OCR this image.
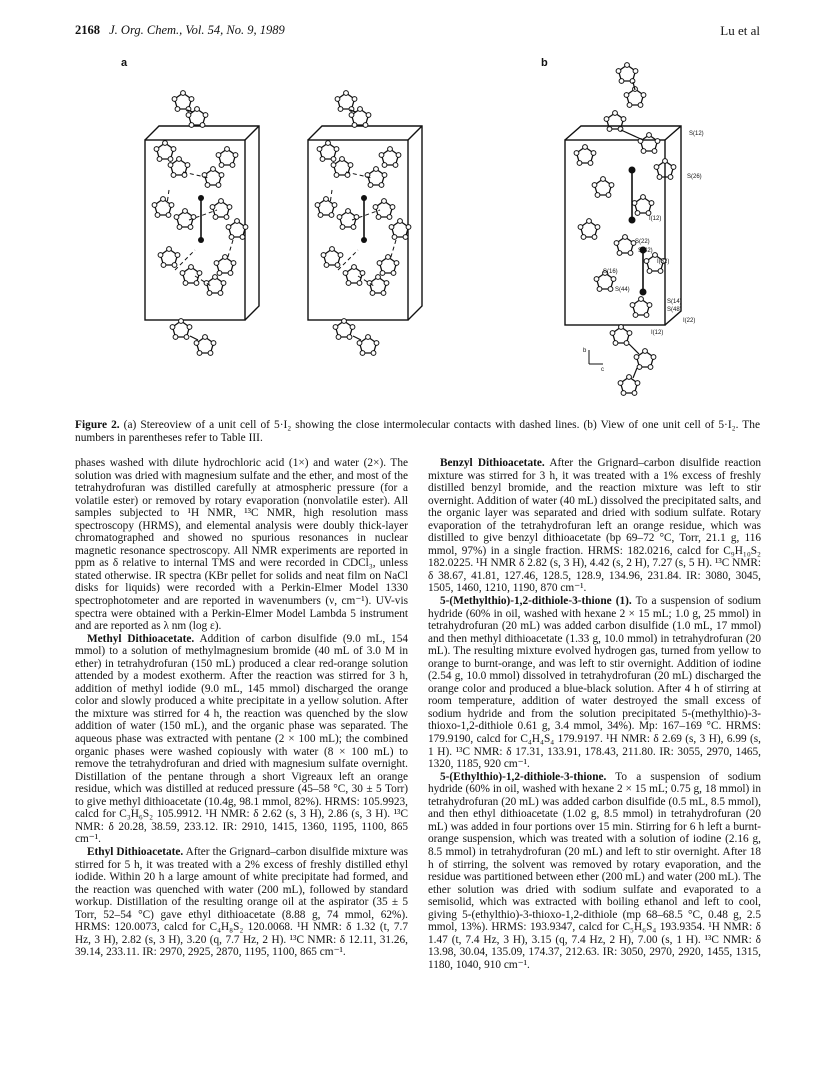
2168 J. Org. Chem., Vol. 54, No. 9, 1989	Lu et al
a	b
S(12)
S(26)
I(12)
S(22)
S(42)
I(32)
S(16)
S(44)
S(14)
S(48)
I(22)
I(12)
b
c
Figure 2. (a) Stereoview of a unit cell of 5·I₂ showing the close intermolecular contacts with dashed lines. (b) View of one unit cell of 5·I₂. The numbers in parentheses refer to Table III.

phases washed with dilute hydrochloric acid (1×) and water (2×). The solution was dried with magnesium sulfate and the ether, and most of the tetrahydrofuran was distilled carefully at atmospheric pressure (for a volatile ester) or removed by rotary evaporation (nonvolatile ester). All samples subjected to ¹H NMR, ¹³C NMR, high resolution mass spectroscopy (HRMS), and elemental analysis were doubly thick-layer chromatographed and showed no spurious resonances in nuclear magnetic resonance spectroscopy. All NMR experiments are reported in ppm as δ relative to internal TMS and were recorded in CDCl₃, unless stated otherwise. IR spectra (KBr pellet for solids and neat film on NaCl disks for liquids) were recorded with a Perkin-Elmer Model 1330 spectrophotometer and are reported in wavenumbers (ν, cm⁻¹). UV-vis spectra were obtained with a Perkin-Elmer Model Lambda 5 instrument and are reported as λ nm (log ε).

Methyl Dithioacetate. Addition of carbon disulfide (9.0 mL, 154 mmol) to a solution of methylmagnesium bromide (40 mL of 3.0 M in ether) in tetrahydrofuran (150 mL) produced a clear red-orange solution attended by a modest exotherm. After the reaction was stirred for 3 h, addition of methyl iodide (9.0 mL, 145 mmol) discharged the orange color and slowly produced a white precipitate in a yellow solution. After the mixture was stirred for 4 h, the reaction was quenched by the slow addition of water (150 mL), and the organic phase was separated. The aqueous phase was extracted with pentane (2 × 100 mL); the combined organic phases were washed copiously with water (8 × 100 mL) to remove the tetrahydrofuran and dried with magnesium sulfate overnight. Distillation of the pentane through a short Vigreaux left an orange residue, which was distilled at reduced pressure (45–58 °C, 30 ± 5 Torr) to give methyl dithioacetate (10.4g, 98.1 mmol, 82%). HRMS: 105.9923, calcd for C₃H₆S₂ 105.9912. ¹H NMR: δ 2.62 (s, 3 H), 2.86 (s, 3 H). ¹³C NMR: δ 20.28, 38.59, 233.12. IR: 2910, 1415, 1360, 1195, 1100, 865 cm⁻¹.

Ethyl Dithioacetate. After the Grignard–carbon disulfide mixture was stirred for 5 h, it was treated with a 2% excess of freshly distilled ethyl iodide. Within 20 h a large amount of white precipitate had formed, and the reaction was quenched with water (200 mL), followed by standard workup. Distillation of the resulting orange oil at the aspirator (35 ± 5 Torr, 52–54 °C) gave ethyl dithioacetate (8.88 g, 74 mmol, 62%). HRMS: 120.0073, calcd for C₄H₈S₂ 120.0068. ¹H NMR: δ 1.32 (t, 7.7 Hz, 3 H), 2.82 (s, 3 H), 3.20 (q, 7.7 Hz, 2 H). ¹³C NMR: δ 12.11, 31.26, 39.14, 233.11. IR: 2970, 2925, 2870, 1195, 1100, 865 cm⁻¹.

Benzyl Dithioacetate. After the Grignard–carbon disulfide reaction mixture was stirred for 3 h, it was treated with a 1% excess of freshly distilled benzyl bromide, and the reaction mixture was left to stir overnight. Addition of water (40 mL) dissolved the precipitated salts, and the organic layer was separated and dried with sodium sulfate. Rotary evaporation of the tetrahydrofuran left an orange residue, which was distilled to give benzyl dithioacetate (bp 69–72 °C, Torr, 21.1 g, 116 mmol, 97%) in a single fraction. HRMS: 182.0216, calcd for C₉H₁₀S₂ 182.0225. ¹H NMR δ 2.82 (s, 3 H), 4.42 (s, 2 H), 7.27 (s, 5 H). ¹³C NMR: δ 38.67, 41.81, 127.46, 128.5, 128.9, 134.96, 231.84. IR: 3080, 3045, 1505, 1460, 1210, 1190, 870 cm⁻¹.

5-(Methylthio)-1,2-dithiole-3-thione (1). To a suspension of sodium hydride (60% in oil, washed with hexane 2 × 15 mL; 1.0 g, 25 mmol) in tetrahydrofuran (20 mL) was added carbon disulfide (1.0 mL, 17 mmol) and then methyl dithioacetate (1.33 g, 10.0 mmol) in tetrahydrofuran (20 mL). The resulting mixture evolved hydrogen gas, turned from yellow to orange to burnt-orange, and was left to stir overnight. Addition of iodine (2.54 g, 10.0 mmol) dissolved in tetrahydrofuran (20 mL) discharged the orange color and produced a blue-black solution. After 4 h of stirring at room temperature, addition of water destroyed the small excess of sodium hydride and from the solution precipitated 5-(methylthio)-3-thioxo-1,2-dithiole 0.61 g, 3.4 mmol, 34%). Mp: 167–169 °C. HRMS: 179.9190, calcd for C₄H₄S₄ 179.9197. ¹H NMR: δ 2.69 (s, 3 H), 6.99 (s, 1 H). ¹³C NMR: δ 17.31, 133.91, 178.43, 211.80. IR: 3055, 2970, 1465, 1320, 1185, 920 cm⁻¹.

5-(Ethylthio)-1,2-dithiole-3-thione. To a suspension of sodium hydride (60% in oil, washed with hexane 2 × 15 mL; 0.75 g, 18 mmol) in tetrahydrofuran (20 mL) was added carbon disulfide (0.5 mL, 8.5 mmol), and then ethyl dithioacetate (1.02 g, 8.5 mmol) in tetrahydrofuran (20 mL) was added in four portions over 15 min. Stirring for 6 h left a burnt-orange suspension, which was treated with a solution of iodine (2.16 g, 8.5 mmol) in tetrahydrofuran (20 mL) and left to stir overnight. After 18 h of stirring, the solvent was removed by rotary evaporation, and the residue was partitioned between ether (200 mL) and water (200 mL). The ether solution was dried with sodium sulfate and evaporated to a semisolid, which was extracted with boiling ethanol and left to cool, giving 5-(ethylthio)-3-thioxo-1,2-dithiole (mp 68–68.5 °C, 0.48 g, 2.5 mmol, 13%). HRMS: 193.9347, calcd for C₅H₆S₄ 193.9354. ¹H NMR: δ 1.47 (t, 7.4 Hz, 3 H), 3.15 (q, 7.4 Hz, 2 H), 7.00 (s, 1 H). ¹³C NMR: δ 13.98, 30.04, 135.09, 174.37, 212.63. IR: 3050, 2970, 2920, 1455, 1315, 1180, 1040, 910 cm⁻¹.
